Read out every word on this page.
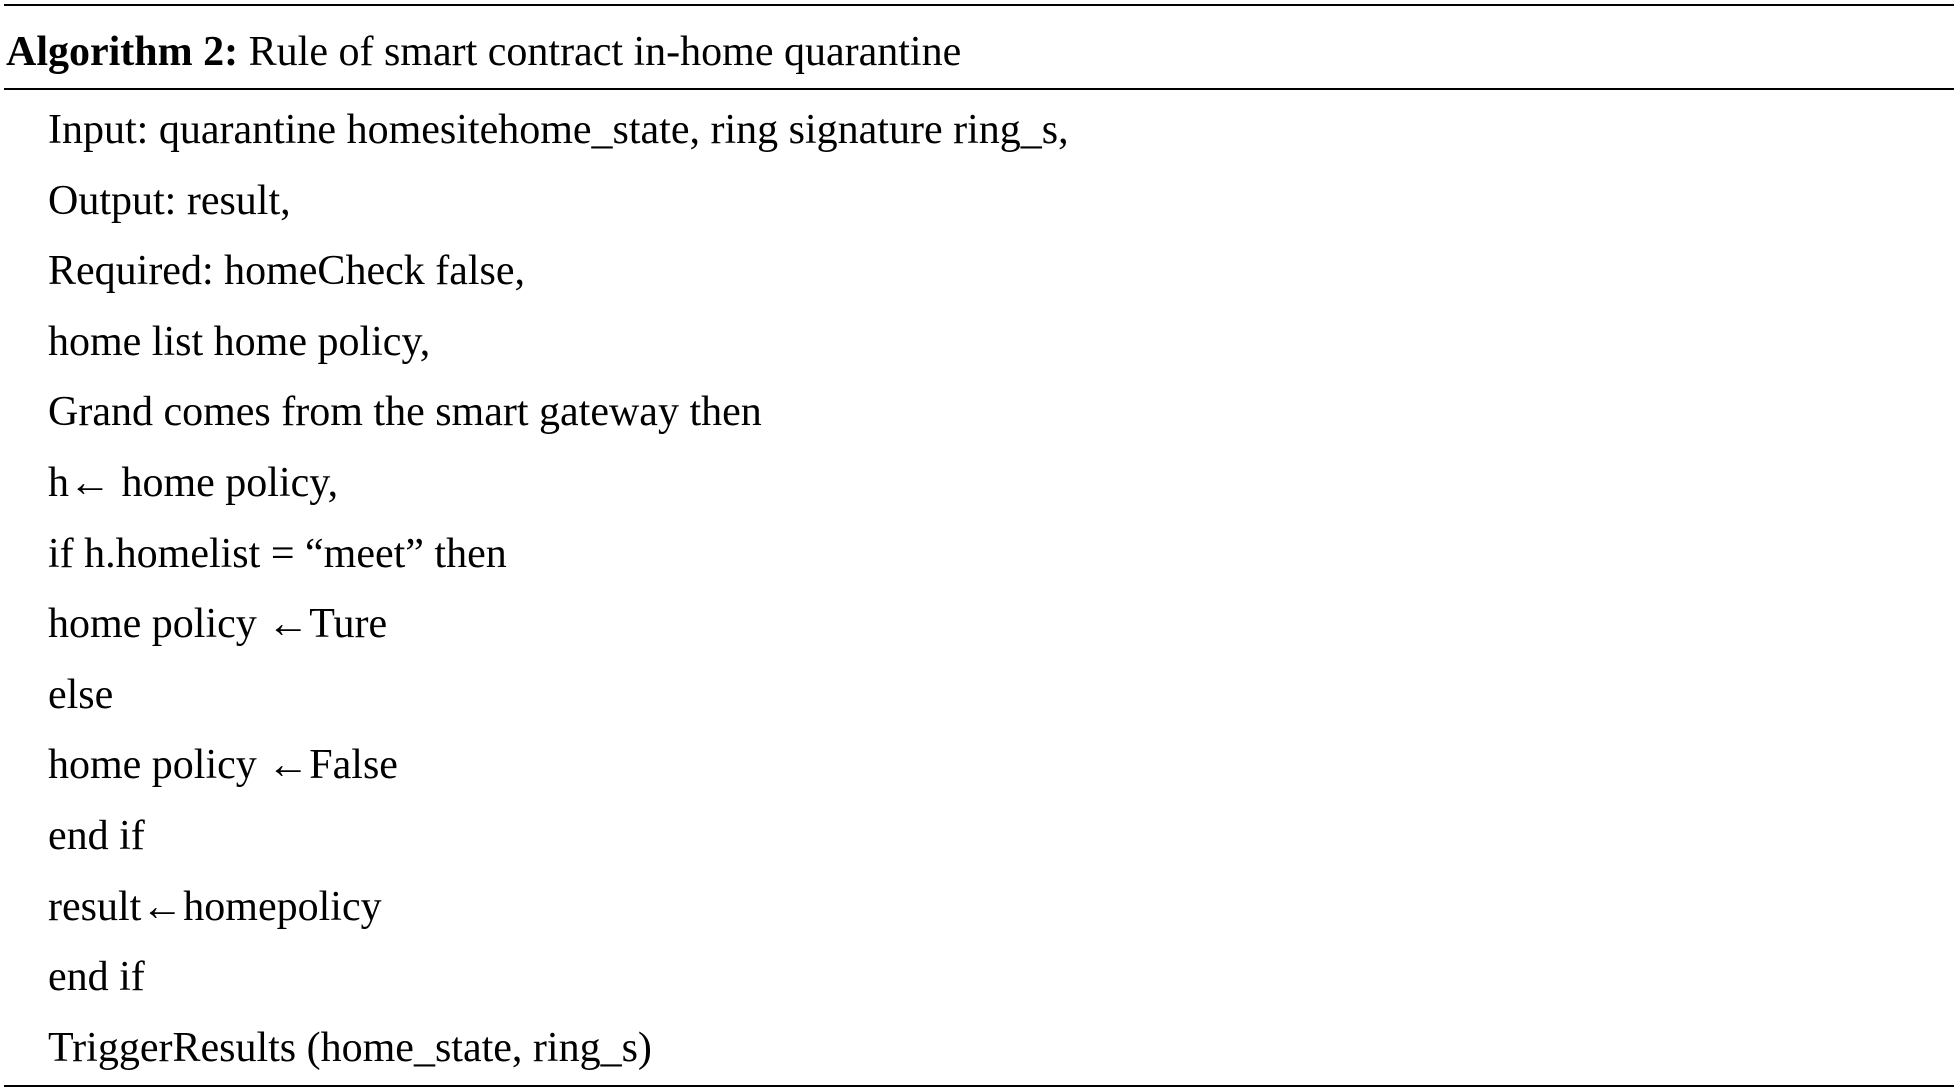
Algorithm 2: Rule of smart contract in-home quarantine
Input: quarantine homesitehome_state, ring signature ring_s,
Output: result,
Required: homeCheck false,
home list home policy,
Grand comes from the smart gateway then
h← home policy,
if h.homelist = “meet” then
home policy ←Ture
else
home policy ←False
end if
result←homepolicy
end if
TriggerResults (home_state, ring_s)
